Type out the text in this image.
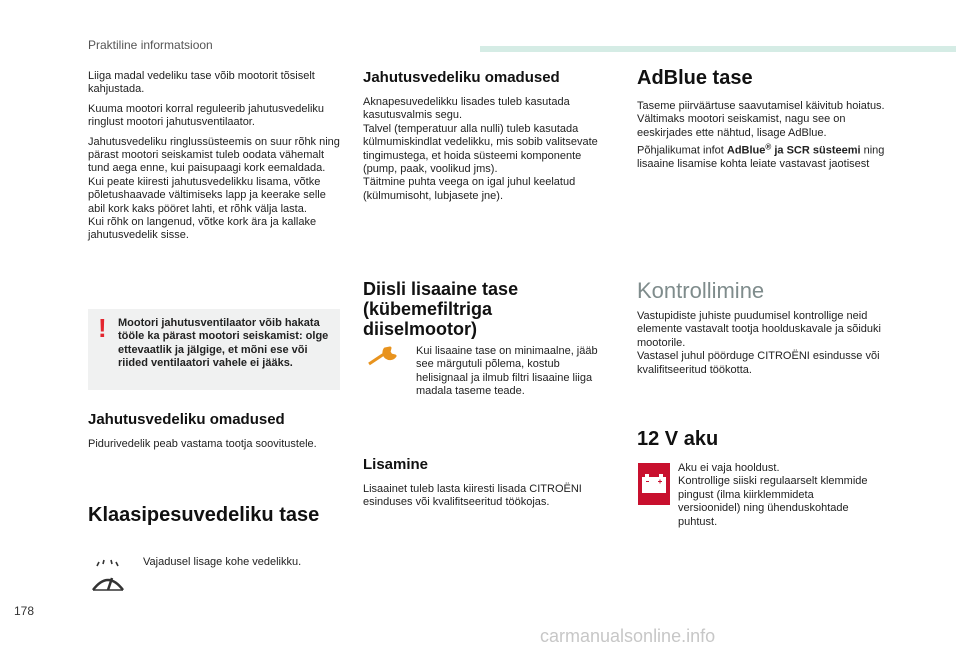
Praktiline informatsioon

Liiga madal vedeliku tase võib mootorit tõsiselt kahjustada.

Kuuma mootori korral reguleerib jahutusvedeliku ringlust mootori jahutusventilaator.

Jahutusvedeliku ringlussüsteemis on suur rõhk ning pärast mootori seiskamist tuleb oodata vähemalt tund aega enne, kui paisupaagi kork eemaldada.
Kui peate kiiresti jahutusvedelikku lisama, võtke põletushaavade vältimiseks lapp ja keerake selle abil kork kaks pööret lahti, et rõhk välja lasta.
Kui rõhk on langenud, võtke kork ära ja kallake jahutusvedelik sisse.

! Mootori jahutusventilaator võib hakata tööle ka pärast mootori seiskamist: olge ettevaatlik ja jälgige, et mõni ese või riided ventilaatori vahele ei jääks.
Jahutusvedeliku omadused
Pidurivedelik peab vastama tootja soovitustele.
Klaasipesuvedeliku tase
Vajadusel lisage kohe vedelikku.
Jahutusvedeliku omadused
Aknapesuvedelikku lisades tuleb kasutada kasutusvalmis segu.
Talvel (temperatuur alla nulli) tuleb kasutada külmumiskindlat vedelikku, mis sobib valitsevate tingimustega, et hoida süsteemi komponente (pump, paak, voolikud jms).
Täitmine puhta veega on igal juhul keelatud (külmumisoht, lubjasete jne).
Diisli lisaaine tase (kübemefiltriga diiselmootor)
Kui lisaaine tase on minimaalne, jääb see märgutuli põlema, kostub helisignaal ja ilmub filtri lisaaine liiga madala taseme teade.
Lisamine
Lisaainet tuleb lasta kiiresti lisada CITROËNI esinduses või kvalifitseeritud töökojas.
AdBlue tase
Taseme piirväärtuse saavutamisel käivitub hoiatus.
Vältimaks mootori seiskamist, nagu see on eeskirjades ette nähtud, lisage AdBlue.
Põhjalikumat infot AdBlue® ja SCR süsteemi ning lisaaine lisamise kohta leiate vastavast jaotisest
Kontrollimine
Vastupidiste juhiste puudumisel kontrollige neid elemente vastavalt tootja hoolduskavale ja sõiduki mootorile.
Vastasel juhul pöörduge CITROËNI esindusse või kvalifitseeritud töökotta.
12 V aku
Aku ei vaja hooldust.
Kontrollige siiski regulaarselt klemmide pingust (ilma kiirklemmideta versioonidel) ning ühenduskohtade puhtust.
178
carmanualsonline.info
